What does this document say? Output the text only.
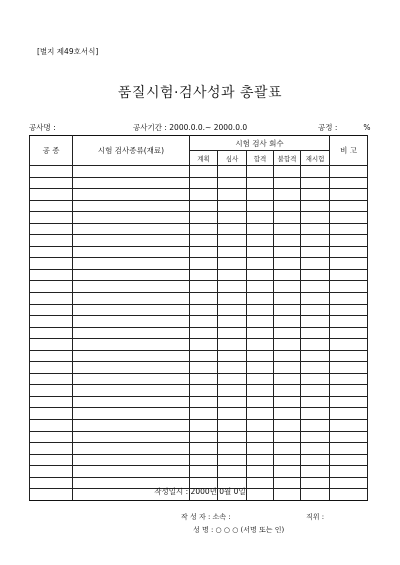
[별지 제49호서식]
품질시험·검사성과 총괄표
공사명 :	공사기간 : 2000.0.0.~ 2000.0.0	공정 :	%
공 종	시험 검사종류(재료)	시험 검사 회수					비 고
		계획	심사	합격	불합격	재시험	

작성일시 : 2000년 0월 0일
작 성 자 : 소속 :	직위 :
성 명 : ○ ○ ○ (서명 또는 인)
